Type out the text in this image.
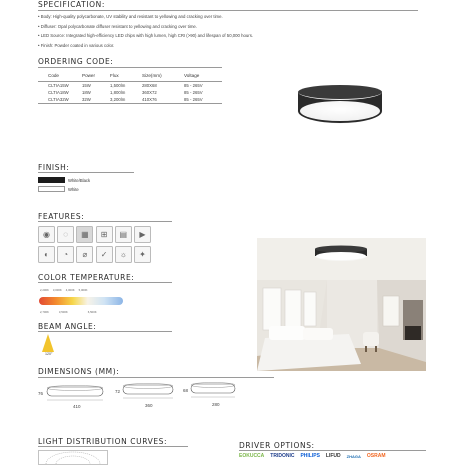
SPECIFICATION:
• Body: High-quality polycarbonate, UV stability and resistant to yellowing and cracking over time.
• Diffuser: Opal polycarbonate diffuser resistant to yellowing and cracking over time.
• LED Source: Integrated high-efficiency LED chips with high lumen, high CRI (>90) and lifespan of 50,000 hours.
• Finish: Powder coated in various color.
ORDERING CODE:
Code	Power	Flux	Size(mm)	Voltage
CLTIA15W	15W	1,500lm	280X68	85 - 265V
CLTIA18W	18W	1,800lm	360X72	85 - 265V
CLTIA32W	32W	3,200lm	410X76	85 - 265V
FINISH:
White/Black
White
FEATURES:
◉	◌	▦	⊞	▤	▶
◐	◔	⌀	✓	☼	✦
COLOR TEMPERATURE:
2,200K 3,000K 4,000K 5,000K
2,700K	3,500K	6,500K
BEAM ANGLE:
120°
DIMENSIONS (MM):
76
410
72
360
68
280
LIGHT DISTRIBUTION CURVES:	DRIVER OPTIONS:
EOKUCCA TRIDONIC PHILIPS LIFUD ZHAGA OSRAM
